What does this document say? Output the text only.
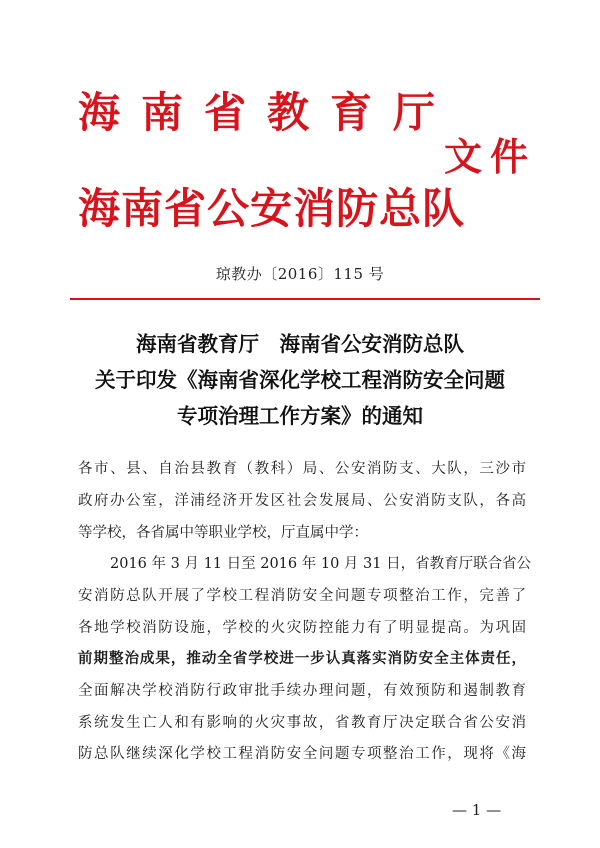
海南省教育厅
文件
海南省公安消防总队
琼教办〔2016〕115 号
海南省教育厅　海南省公安消防总队
关于印发《海南省深化学校工程消防安全问题
专项治理工作方案》的通知
各市、县、自治县教育（教科）局、公安消防支、大队，三沙市
政府办公室，洋浦经济开发区社会发展局、公安消防支队，各高
等学校，各省属中等职业学校，厅直属中学：
2016 年 3 月 11 日至 2016 年 10 月 31 日，省教育厅联合省公
安消防总队开展了学校工程消防安全问题专项整治工作，完善了
各地学校消防设施，学校的火灾防控能力有了明显提高。为巩固
前期整治成果，推动全省学校进一步认真落实消防安全主体责任，
全面解决学校消防行政审批手续办理问题，有效预防和遏制教育
系统发生亡人和有影响的火灾事故，省教育厅决定联合省公安消
防总队继续深化学校工程消防安全问题专项整治工作，现将《海
— 1 —
